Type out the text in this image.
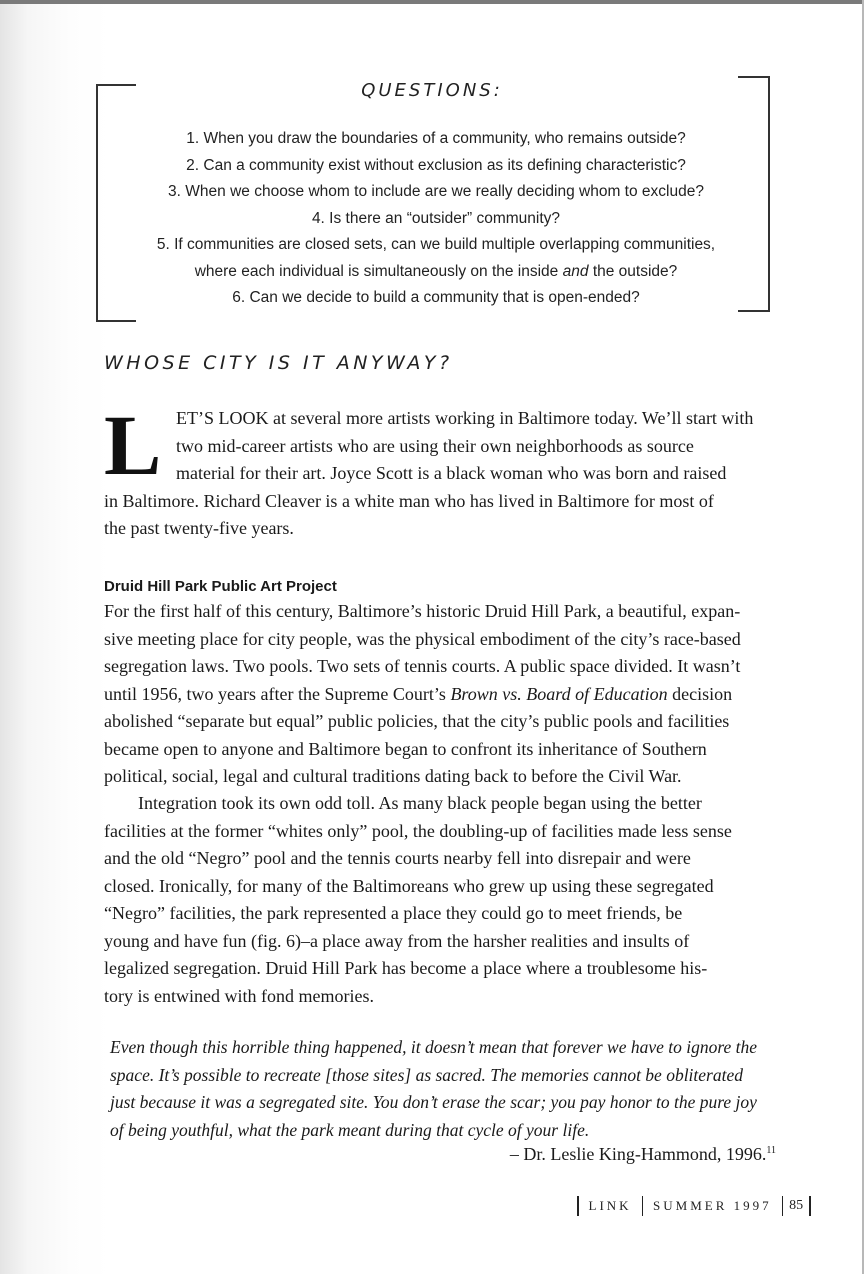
QUESTIONS:
1. When you draw the boundaries of a community, who remains outside?
2. Can a community exist without exclusion as its defining characteristic?
3. When we choose whom to include are we really deciding whom to exclude?
4. Is there an “outsider” community?
5. If communities are closed sets, can we build multiple overlapping communities,
where each individual is simultaneously on the inside and the outside?
6. Can we decide to build a community that is open-ended?
WHOSE CITY IS IT ANYWAY?
L ET’S LOOK at several more artists working in Baltimore today. We’ll start with
two mid-career artists who are using their own neighborhoods as source
material for their art. Joyce Scott is a black woman who was born and raised
in Baltimore. Richard Cleaver is a white man who has lived in Baltimore for most of
the past twenty-five years.
Druid Hill Park Public Art Project
For the first half of this century, Baltimore’s historic Druid Hill Park, a beautiful, expan-
sive meeting place for city people, was the physical embodiment of the city’s race-based
segregation laws. Two pools. Two sets of tennis courts. A public space divided. It wasn’t
until 1956, two years after the Supreme Court’s Brown vs. Board of Education decision
abolished “separate but equal” public policies, that the city’s public pools and facilities
became open to anyone and Baltimore began to confront its inheritance of Southern
political, social, legal and cultural traditions dating back to before the Civil War.
Integration took its own odd toll. As many black people began using the better
facilities at the former “whites only” pool, the doubling-up of facilities made less sense
and the old “Negro” pool and the tennis courts nearby fell into disrepair and were
closed. Ironically, for many of the Baltimoreans who grew up using these segregated
“Negro” facilities, the park represented a place they could go to meet friends, be
young and have fun (fig. 6)–a place away from the harsher realities and insults of
legalized segregation. Druid Hill Park has become a place where a troublesome his-
tory is entwined with fond memories.
Even though this horrible thing happened, it doesn’t mean that forever we have to ignore the
space. It’s possible to recreate [those sites] as sacred. The memories cannot be obliterated
just because it was a segregated site. You don’t erase the scar; you pay honor to the pure joy
of being youthful, what the park meant during that cycle of your life.
– Dr. Leslie King-Hammond, 1996.11
LINK	SUMMER 1997	85
